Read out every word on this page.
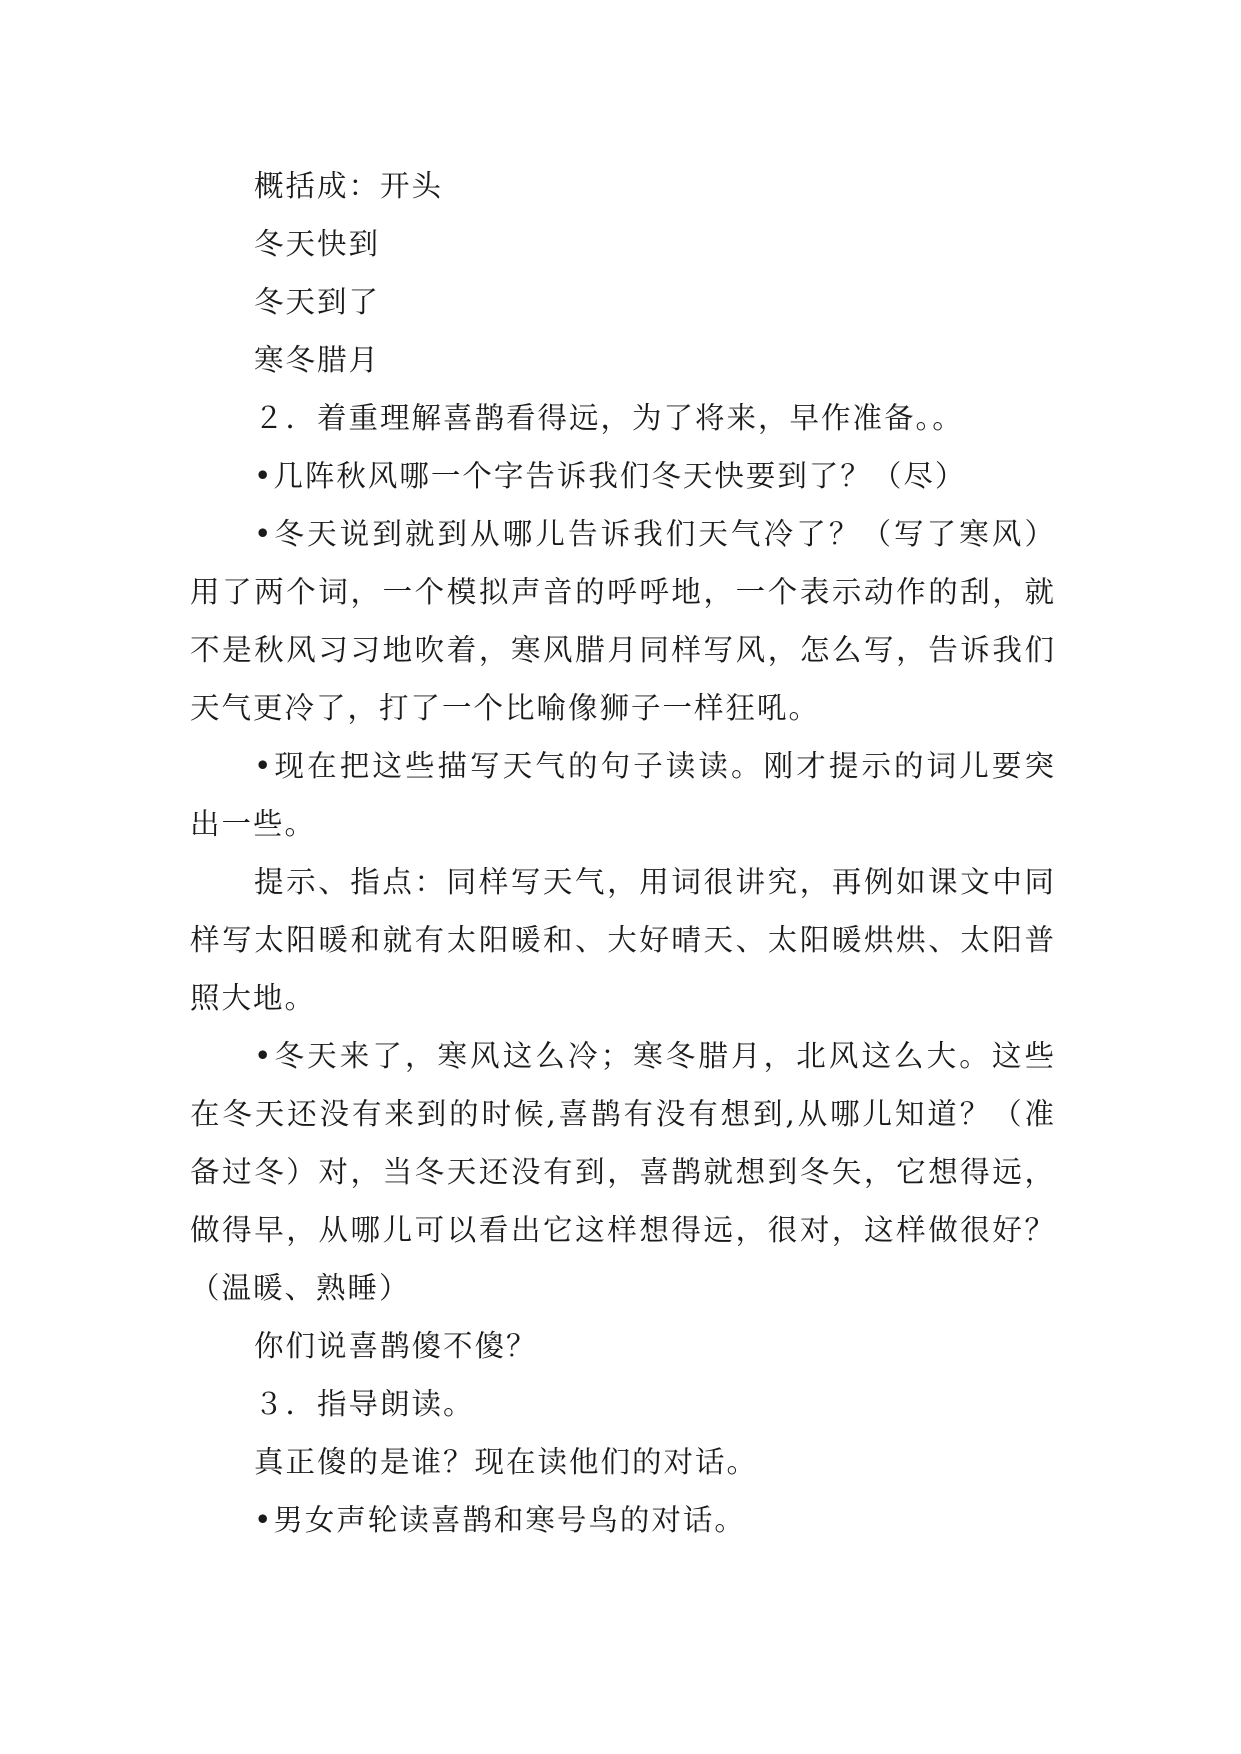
概括成：开头

冬天快到

冬天到了

寒冬腊月

２．着重理解喜鹊看得远，为了将来，早作准备。。

•几阵秋风哪一个字告诉我们冬天快要到了？（尽）

•冬天说到就到从哪儿告诉我们天气冷了？（写了寒风）用了两个词，一个模拟声音的呼呼地，一个表示动作的刮，就不是秋风习习地吹着，寒风腊月同样写风，怎么写，告诉我们天气更冷了，打了一个比喻像狮子一样狂吼。

•现在把这些描写天气的句子读读。刚才提示的词儿要突出一些。

提示、指点：同样写天气，用词很讲究，再例如课文中同样写太阳暖和就有太阳暖和、大好晴天、太阳暖烘烘、太阳普照大地。

•冬天来了，寒风这么冷；寒冬腊月，北风这么大。这些在冬天还没有来到的时候,喜鹊有没有想到,从哪儿知道？（准备过冬）对，当冬天还没有到，喜鹊就想到冬矢，它想得远，做得早，从哪儿可以看出它这样想得远，很对，这样做很好？（温暖、熟睡）

你们说喜鹊傻不傻？

３．指导朗读。

真正傻的是谁？现在读他们的对话。

•男女声轮读喜鹊和寒号鸟的对话。
